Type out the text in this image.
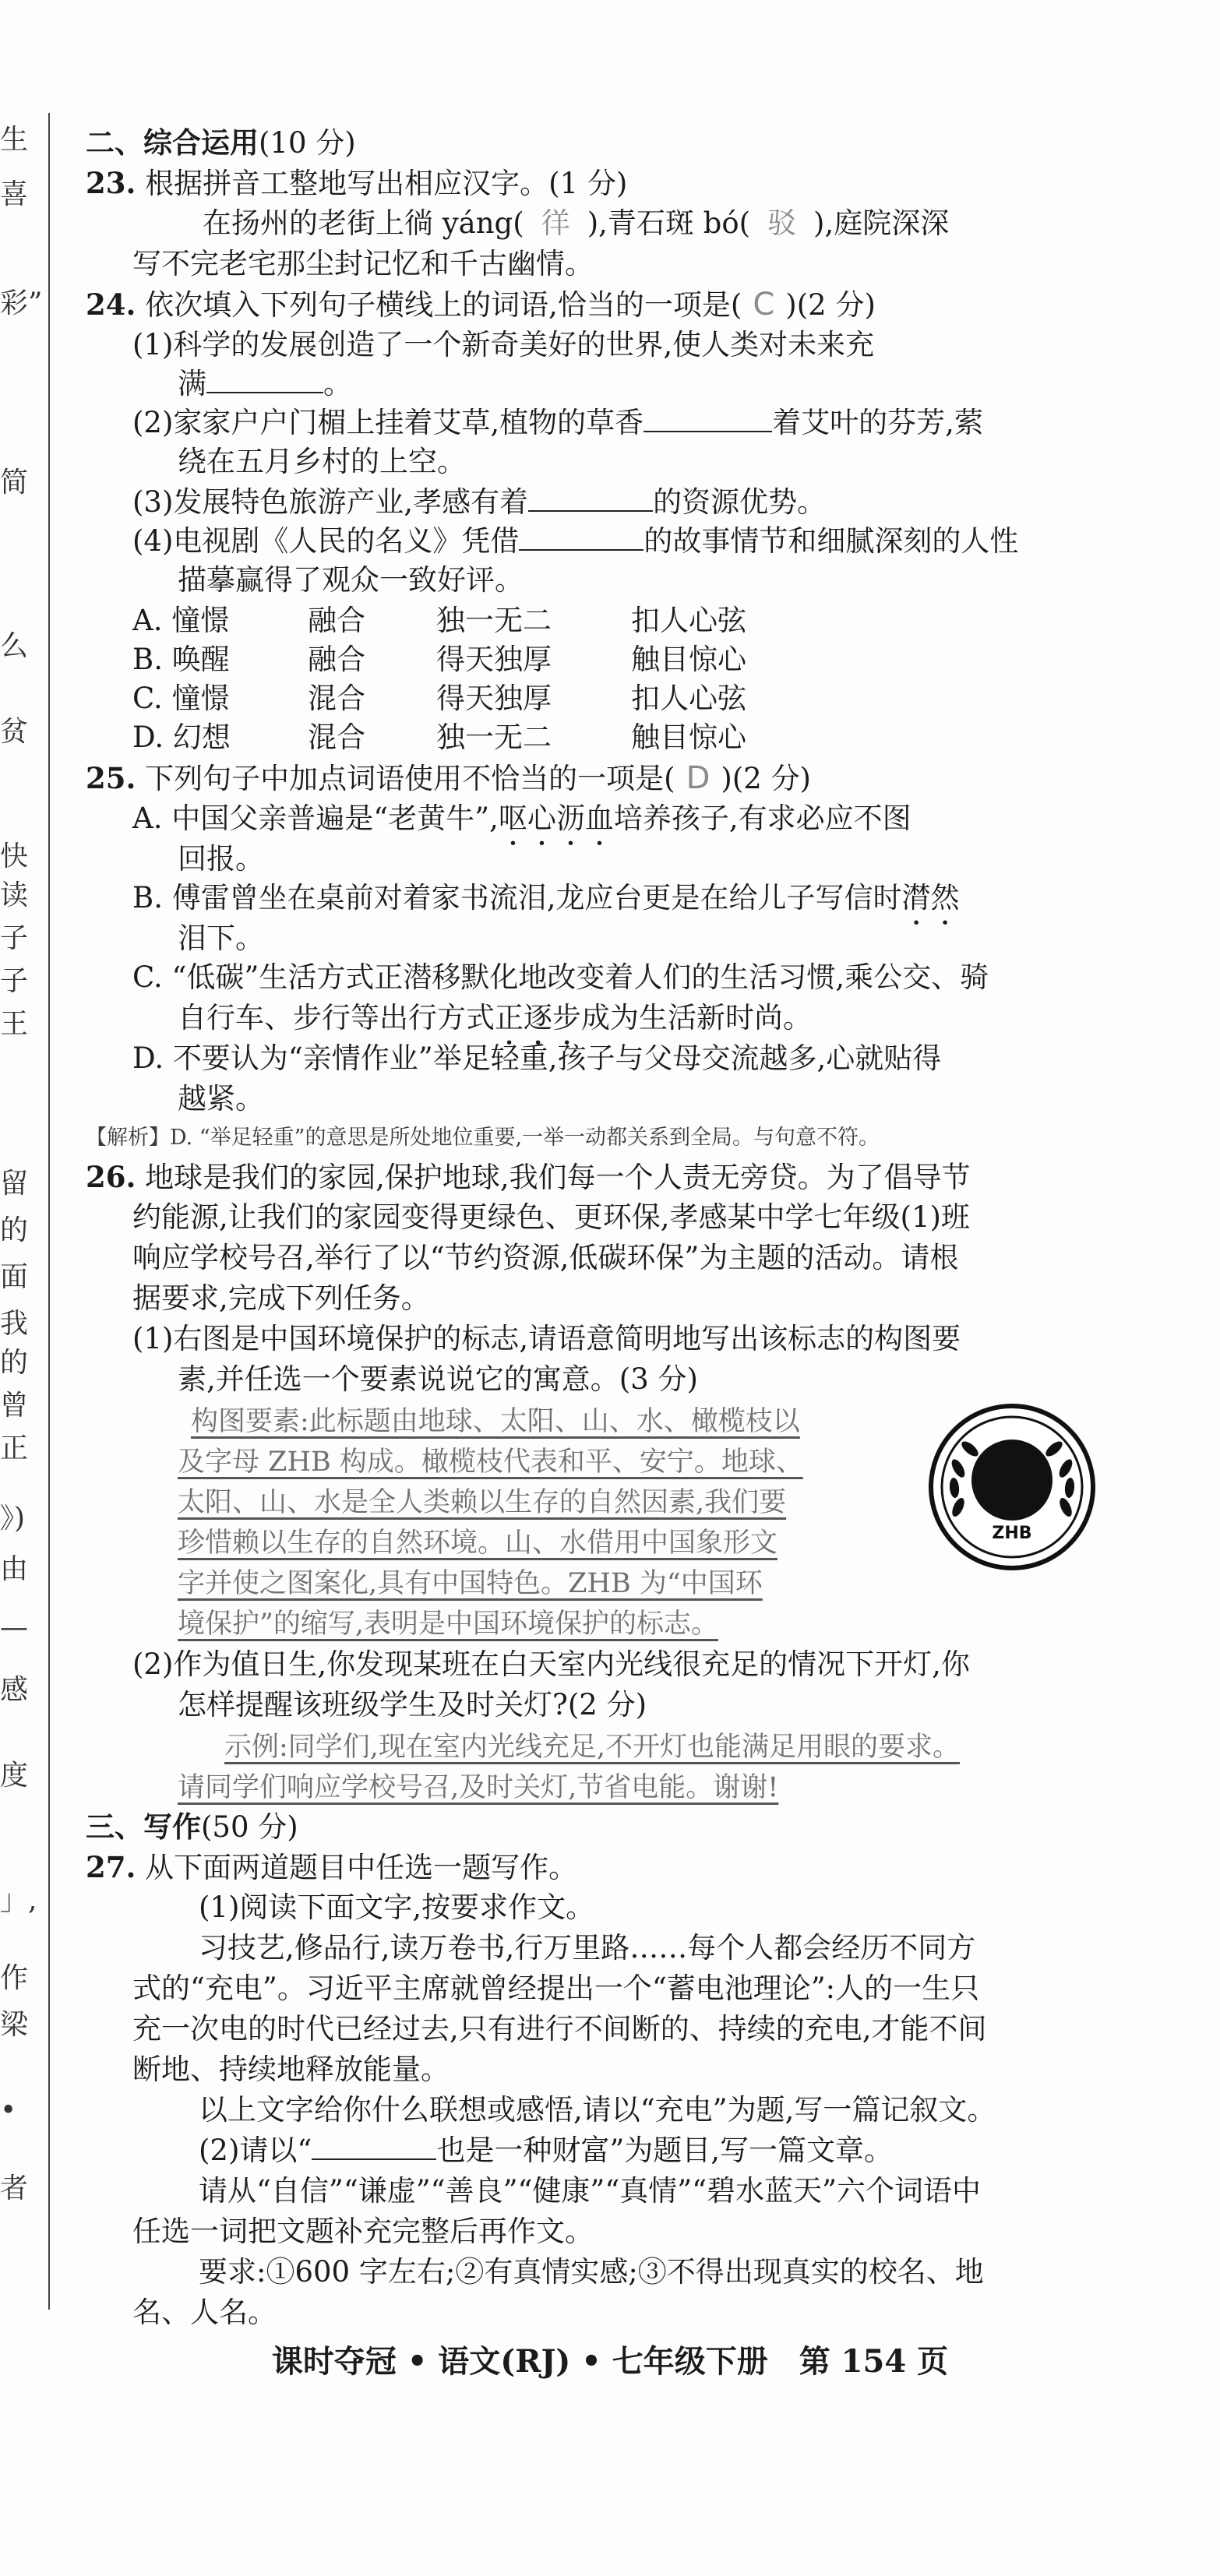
生
喜
彩”
简
么
贫
快
读
子
子
王
留
的
面
我
的
曾
正
》)
由
—
感
度
」,
作
梁
•
者
二、综合运用(10 分)
23. 根据拼音工整地写出相应汉字。(1 分)
在扬州的老街上徜 yáng( 徉 ),青石斑 bó( 驳 ),庭院深深
写不完老宅那尘封记忆和千古幽情。
24. 依次填入下列句子横线上的词语,恰当的一项是( C )(2 分)
(1)科学的发展创造了一个新奇美好的世界,使人类对未来充
满	。
(2)家家户户门楣上挂着艾草,植物的草香	着艾叶的芬芳,萦
绕在五月乡村的上空。
(3)发展特色旅游产业,孝感有着	的资源优势。
(4)电视剧《人民的名义》凭借	的故事情节和细腻深刻的人性
描摹赢得了观众一致好评。
A. 憧憬	融合 独一无二	扣人心弦
B. 唤醒	融合 得天独厚	触目惊心
C. 憧憬	混合 得天独厚	扣人心弦
D. 幻想	混合 独一无二	触目惊心
25. 下列句子中加点词语使用不恰当的一项是( D )(2 分)
A. 中国父亲普遍是“老黄牛”,呕心沥血培养孩子,有求必应不图
回报。
B. 傅雷曾坐在桌前对着家书流泪,龙应台更是在给儿子写信时潸然
泪下。
C. “低碳”生活方式正潜移默化地改变着人们的生活习惯,乘公交、骑
自行车、步行等出行方式正逐步成为生活新时尚。
D. 不要认为“亲情作业”举足轻重,孩子与父母交流越多,心就贴得
越紧。
【解析】D. “举足轻重”的意思是所处地位重要,一举一动都关系到全局。与句意不符。
26. 地球是我们的家园,保护地球,我们每一个人责无旁贷。为了倡导节
约能源,让我们的家园变得更绿色、更环保,孝感某中学七年级(1)班
响应学校号召,举行了以“节约资源,低碳环保”为主题的活动。请根
据要求,完成下列任务。
(1)右图是中国环境保护的标志,请语意简明地写出该标志的构图要
素,并任选一个要素说说它的寓意。(3 分)
构图要素:此标题由地球、太阳、山、水、橄榄枝以
及字母 ZHB 构成。橄榄枝代表和平、安宁。地球、
太阳、山、水是全人类赖以生存的自然因素,我们要
珍惜赖以生存的自然环境。山、水借用中国象形文
字并使之图案化,具有中国特色。ZHB 为“中国环
境保护”的缩写,表明是中国环境保护的标志。
ZHB
(2)作为值日生,你发现某班在白天室内光线很充足的情况下开灯,你
怎样提醒该班级学生及时关灯?(2 分)
示例:同学们,现在室内光线充足,不开灯也能满足用眼的要求。
请同学们响应学校号召,及时关灯,节省电能。谢谢!
三、写作(50 分)
27. 从下面两道题目中任选一题写作。
(1)阅读下面文字,按要求作文。
习技艺,修品行,读万卷书,行万里路……每个人都会经历不同方
式的“充电”。习近平主席就曾经提出一个“蓄电池理论”:人的一生只
充一次电的时代已经过去,只有进行不间断的、持续的充电,才能不间
断地、持续地释放能量。
以上文字给你什么联想或感悟,请以“充电”为题,写一篇记叙文。
(2)请以“	也是一种财富”为题目,写一篇文章。
请从“自信”“谦虚”“善良”“健康”“真情”“碧水蓝天”六个词语中
任选一词把文题补充完整后再作文。
要求:①600 字左右;②有真情实感;③不得出现真实的校名、地
名、人名。
课时夺冠 • 语文(RJ) • 七年级下册　第 154 页
